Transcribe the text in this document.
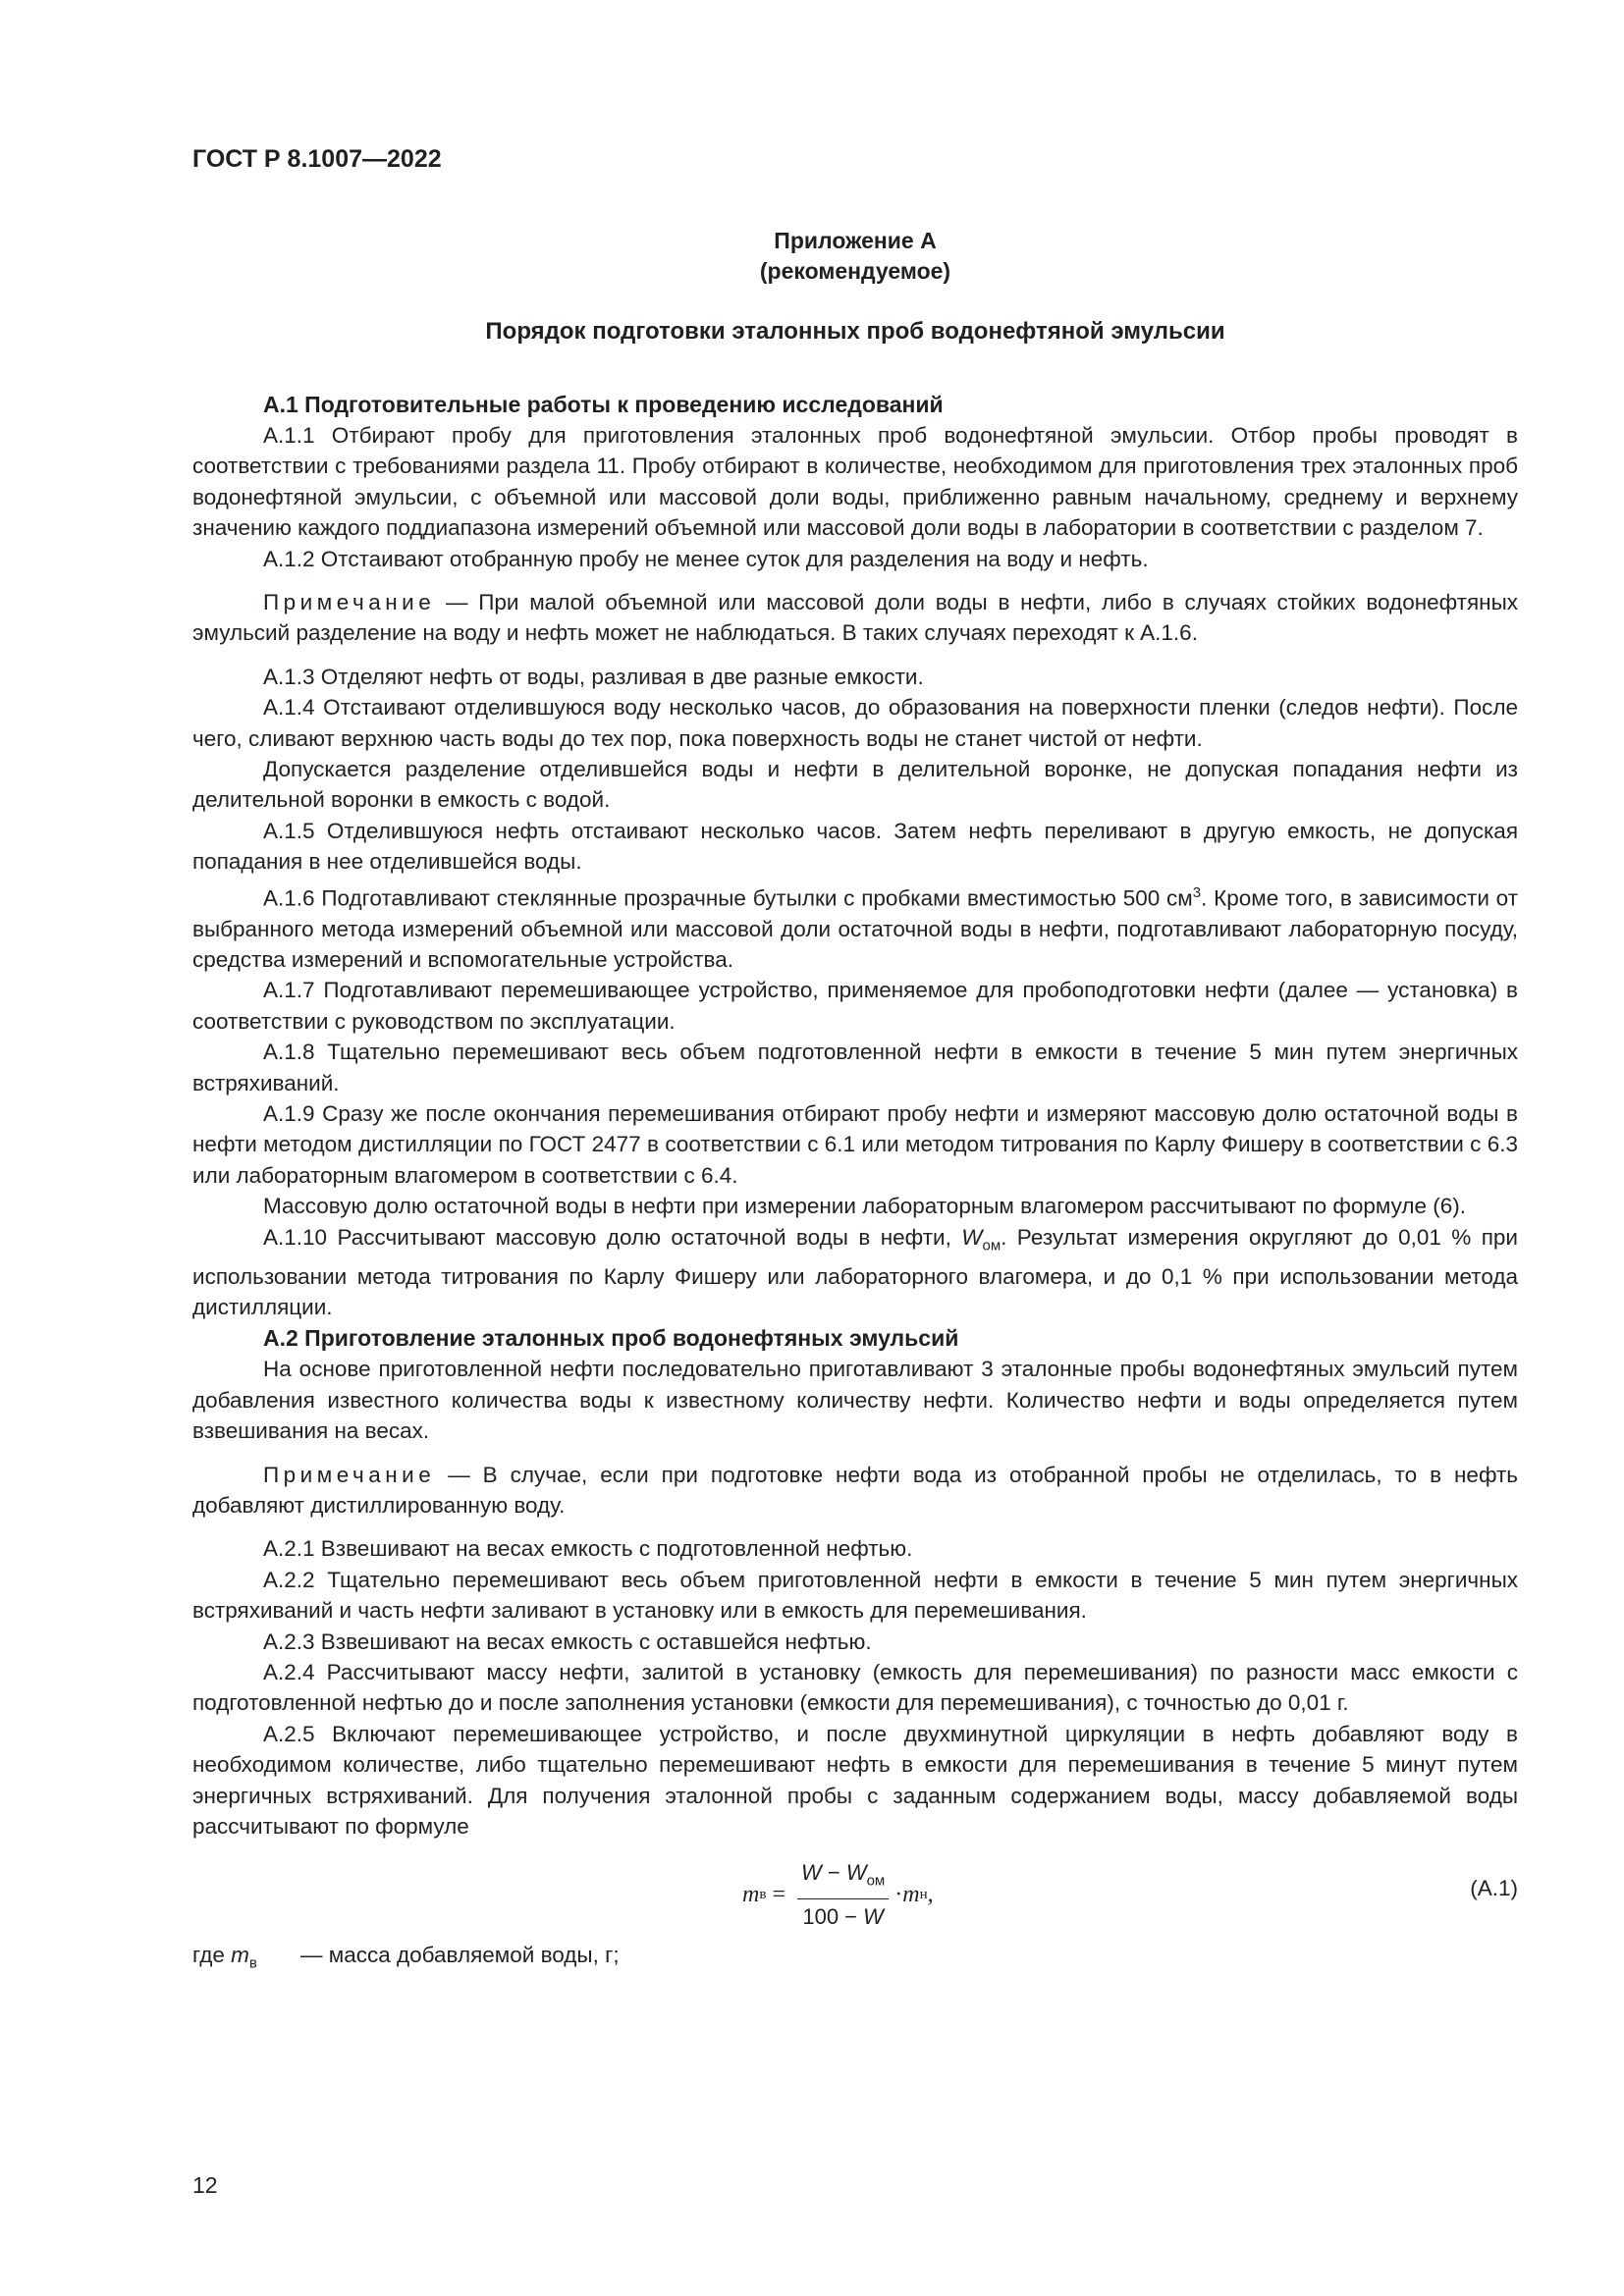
ГОСТ Р 8.1007—2022
Приложение А
(рекомендуемое)
Порядок подготовки эталонных проб водонефтяной эмульсии
А.1 Подготовительные работы к проведению исследований

А.1.1 Отбирают пробу для приготовления эталонных проб водонефтяной эмульсии. Отбор пробы проводят в соответствии с требованиями раздела 11. Пробу отбирают в количестве, необходимом для приготовления трех эталонных проб водонефтяной эмульсии, с объемной или массовой доли воды, приближенно равным начальному, среднему и верхнему значению каждого поддиапазона измерений объемной или массовой доли воды в лаборатории в соответствии с разделом 7.

А.1.2 Отстаивают отобранную пробу не менее суток для разделения на воду и нефть.

Примечание — При малой объемной или массовой доли воды в нефти, либо в случаях стойких водонефтяных эмульсий разделение на воду и нефть может не наблюдаться. В таких случаях переходят к А.1.6.

А.1.3 Отделяют нефть от воды, разливая в две разные емкости.

А.1.4 Отстаивают отделившуюся воду несколько часов, до образования на поверхности пленки (следов нефти). После чего, сливают верхнюю часть воды до тех пор, пока поверхность воды не станет чистой от нефти.

Допускается разделение отделившейся воды и нефти в делительной воронке, не допуская попадания нефти из делительной воронки в емкость с водой.

А.1.5 Отделившуюся нефть отстаивают несколько часов. Затем нефть переливают в другую емкость, не допуская попадания в нее отделившейся воды.

А.1.6 Подготавливают стеклянные прозрачные бутылки с пробками вместимостью 500 $см^3$. Кроме того, в зависимости от выбранного метода измерений объемной или массовой доли остаточной воды в нефти, подготавливают лабораторную посуду, средства измерений и вспомогательные устройства.

А.1.7 Подготавливают перемешивающее устройство, применяемое для пробоподготовки нефти (далее — установка) в соответствии с руководством по эксплуатации.

А.1.8 Тщательно перемешивают весь объем подготовленной нефти в емкости в течение 5 мин путем энергичных встряхиваний.

А.1.9 Сразу же после окончания перемешивания отбирают пробу нефти и измеряют массовую долю остаточной воды в нефти методом дистилляции по ГОСТ 2477 в соответствии с 6.1 или методом титрования по Карлу Фишеру в соответствии с 6.3 или лабораторным влагомером в соответствии с 6.4.

Массовую долю остаточной воды в нефти при измерении лабораторным влагомером рассчитывают по формуле (6).

А.1.10 Рассчитывают массовую долю остаточной воды в нефти, $W_{ом}$. Результат измерения округляют до 0,01 % при использовании метода титрования по Карлу Фишеру или лабораторного влагомера, и до 0,1 % при использовании метода дистилляции.

А.2 Приготовление эталонных проб водонефтяных эмульсий

На основе приготовленной нефти последовательно приготавливают 3 эталонные пробы водонефтяных эмульсий путем добавления известного количества воды к известному количеству нефти. Количество нефти и воды определяется путем взвешивания на весах.

Примечание — В случае, если при подготовке нефти вода из отобранной пробы не отделилась, то в нефть добавляют дистиллированную воду.

А.2.1 Взвешивают на весах емкость с подготовленной нефтью.

А.2.2 Тщательно перемешивают весь объем приготовленной нефти в емкости в течение 5 мин путем энергичных встряхиваний и часть нефти заливают в установку или в емкость для перемешивания.

А.2.3 Взвешивают на весах емкость с оставшейся нефтью.

А.2.4 Рассчитывают массу нефти, залитой в установку (емкость для перемешивания) по разности масс емкости с подготовленной нефтью до и после заполнения установки (емкости для перемешивания), с точностью до 0,01 г.

А.2.5 Включают перемешивающее устройство, и после двухминутной циркуляции в нефть добавляют воду в необходимом количестве, либо тщательно перемешивают нефть в емкости для перемешивания в течение 5 минут путем энергичных встряхиваний. Для получения эталонной пробы с заданным содержанием воды, массу добавляемой воды рассчитывают по формуле

m $в = \frac{W - W_{ом}}{100 - W} \cdot m$ н ,	(А.1)
где $m_в$	— масса добавляемой воды, г;
12
